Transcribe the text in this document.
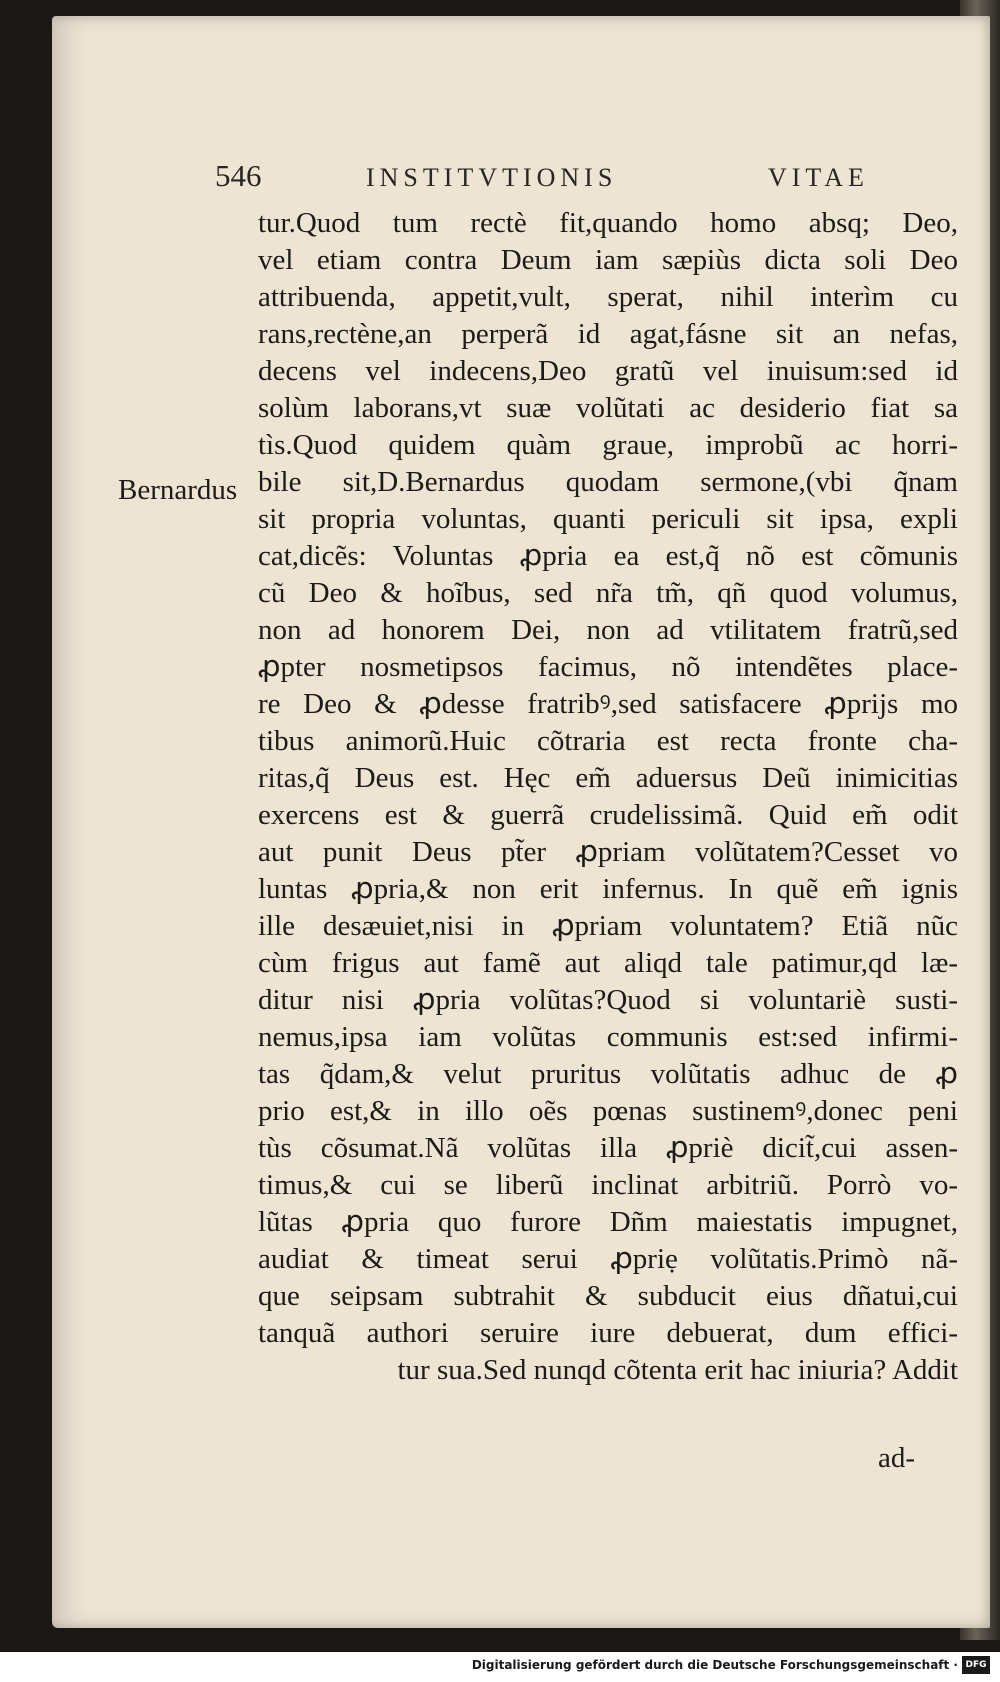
546	INSTITVTIONIS	VITAE
Bernardus
tur.Quod tum rectè fit,quando homo absq; Deo,
vel etiam contra Deum iam sæpiùs dicta soli Deo
attribuenda, appetit,vult, sperat, nihil interìm cu
rans,rectène,an perperã id agat,fásne sit an nefas,
decens vel indecens,Deo gratũ vel inuisum:sed id
solùm laborans,vt suæ volũtati ac desiderio fiat sa
tìs.Quod quidem quàm graue, improbũ ac horri-
bile sit,D.Bernardus quodam sermone,(vbi q̃nam
sit propria voluntas, quanti periculi sit ipsa, expli
cat,dicẽs: Voluntas ꝓpria ea est,q̃ nõ est cõmunis
cũ Deo & hoĩbus, sed nr̃a tm̃, qñ quod volumus,
non ad honorem Dei, non ad vtilitatem fratrũ,sed
ꝓpter nosmetipsos facimus, nõ intendẽtes place-
re Deo & ꝓdesse fratribꝰ,sed satisfacere ꝓprijs mo
tibus animorũ.Huic cõtraria est recta fronte cha-
ritas,q̃ Deus est. Hęc em̃ aduersus Deũ inimicitias
exercens est & guerrã crudelissimã. Quid em̃ odit
aut punit Deus pt̃er ꝓpriam volũtatem?Cesset vo
luntas ꝓpria,& non erit infernus. In quẽ em̃ ignis
ille desæuiet,nisi in ꝓpriam voluntatem? Etiã nũc
cùm frigus aut famẽ aut aliqd tale patimur,qd læ-
ditur nisi ꝓpria volũtas?Quod si voluntariè susti-
nemus,ipsa iam volũtas communis est:sed infirmi-
tas q̃dam,& velut pruritus volũtatis adhuc de ꝓ
prio est,& in illo oẽs pœnas sustinemꝰ,donec peni
tùs cõsumat.Nã volũtas illa ꝓpriè dicit̃,cui assen-
timus,& cui se liberũ inclinat arbitriũ. Porrò vo-
lũtas ꝓpria quo furore Dñm maiestatis impugnet,
audiat & timeat serui ꝓpriẹ volũtatis.Primò nã-
que seipsam subtrahit & subducit eius dñatui,cui
tanquã authori seruire iure debuerat, dum effici-
tur sua.Sed nunqd cõtenta erit hac iniuria? Addit
ad-
Digitalisierung gefördert durch die Deutsche Forschungsgemeinschaft · DFG
